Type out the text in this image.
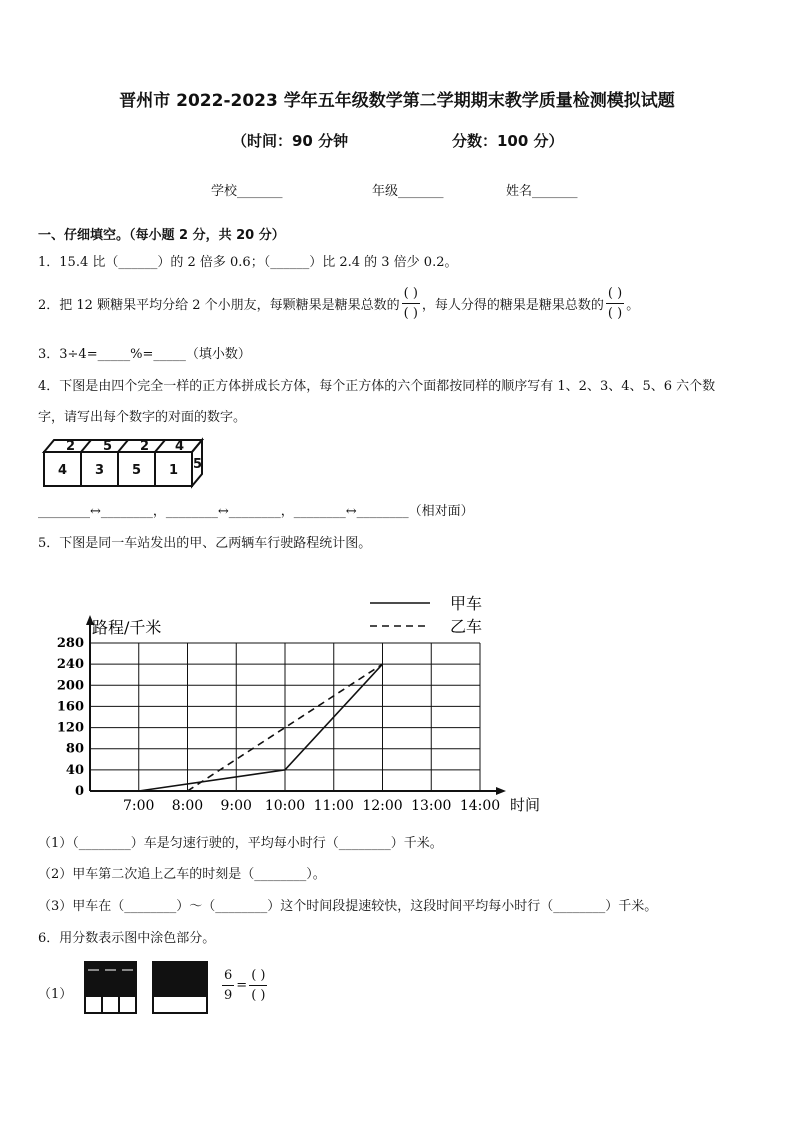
晋州市 2022-2023 学年五年级数学第二学期期末教学质量检测模拟试题
（时间：90 分钟	分数：100 分）
学校_______	年级_______	姓名_______
一、仔细填空。（每小题 2 分，共 20 分）
1．15.4 比（______）的 2 倍多 0.6；（______）比 2.4 的 3 倍少 0.2。
2．把 12 颗糖果平均分给 2 个小朋友，每颗糖果是糖果总数的 $\frac{( )}{( )}$ ，每人分得的糖果是糖果总数的 $\frac{( )}{( )}$ 。
3．3÷4=_____%=_____（填小数）
4．下图是由四个完全一样的正方体拼成长方体，每个正方体的六个面都按同样的顺序写有 1、2、3、4、5、6 六个数
字，请写出每个数字的对面的数字。
2 5 2 4
4 3 5 1 5
________↔________，________↔________，________↔________（相对面）
5．下图是同一车站发出的甲、乙两辆车行驶路程统计图。
0
40
80
120
160
200
240
280
7:00 8:00 9:00 10:00 11:00 12:00 13:00 14:00
甲车
乙车
路程/千米
时间
（1）（________）车是匀速行驶的，平均每小时行（________）千米。
（2）甲车第二次追上乙车的时刻是（________）。
（3）甲车在（________）～（________）这个时间段提速较快，这段时间平均每小时行（________）千米。
6．用分数表示图中涂色部分。
（1）	$\frac{6}{9} = \frac{( )}{( )}$
